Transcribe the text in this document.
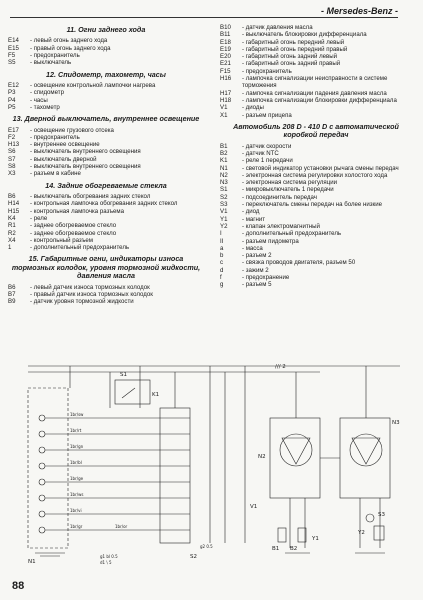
- Mersedes-Benz -
11. Огни заднего хода
E14	- левый огонь заднего хода
E15	- правый огонь заднего хода
F5	- предохранитель
S5	- выключатель
12. Спидометр, тахометр, часы
E12	- освещение контрольной лампочки нагрева
P3	- спидометр
P4	- часы
P5	- тахометр
13. Дверной выключатель, внутреннее освещение
E17	- освещение грузового отсека
F2	- предохранитель
H13	- внутреннее освещение
S6	- выключатель внутреннего освещения
S7	- выключатель дверной
S8	- выключатель внутреннего освещения
X3	- разъем в кабине
14. Задние обогреваемые стекла
B6	- выключатель обогревания задних стекол
H14	- контрольная лампочка обогревания задних стекол
H15	- контрольная лампочка разъема
K4	- реле
R1	- заднее обогреваемое стекло
R2	- заднее обогреваемое стекло
X4	- контрольный разъем
1	- дополнительный предохранитель
15. Габаритные огни, индикаторы износа тормозных колодок, уровня тормозной жидкости, давления масла
B6	- левый датчик износа тормозных колодок
B7	- правый датчик износа тормозных колодок
B9	- датчик уровня тормозной жидкости
B10	- датчик давления масла
B11	- выключатель блокировки дифференциала
E18	- габаритный огонь передний левый
E19	- габаритный огонь передний правый
E20	- габаритный огонь задний левый
E21	- габаритный огонь задний правый
F15	- предохранитель
H16	- лампочка сигнализации неисправности в системе торможения
H17	- лампочка сигнализации падения давления масла
H18	- лампочка сигнализации блокировки дифференциала
V1	- диоды
X1	- разъем прицепа
Автомобиль 208 D - 410 D с автоматической коробкой передач
B1	- датчик скорости
B2	- датчик NTC
K1	- реле 1 передачи
N1	- световой индикатор установки рычага смены передач
N2	- электронная система регулировки холостого хода
N3	- электронная система регуляции
S1	- микровыключатель 1 передачи
S2	- подсоединитель передач
S3	- переключатель смены передач на более низкие
V1	- диод
Y1	- магнит
Y2	- клапан электромагнитный
I	- дополнительный предохранитель
II	- разъем пидометра
a	- масса
b	- разъем 2
c	- связка проводов двигателя, разъем 50
d	- зажим 2
f	- предохранение
g	- разъем 5
S1
K1
N1
N2
N3
S2
S3
Y1
Y2
B1 B2
V1
/// 2
g1 bl 0.5
d1 \ 5
g2 0.5
1br/sw
1br/rt
1br/gn
1br/bl
1br/ge
1br/ws
1br/vi
1br/gr	1br/or
88
